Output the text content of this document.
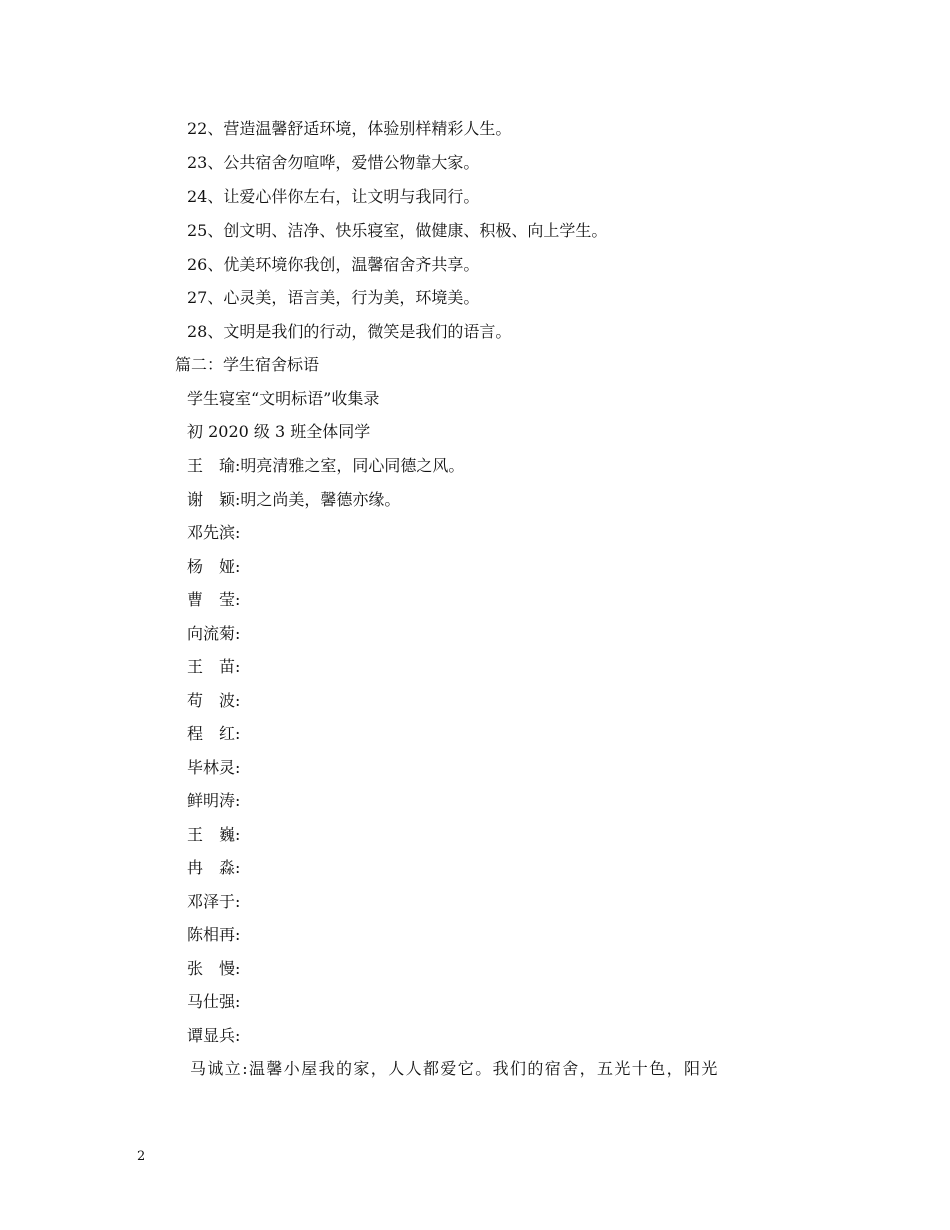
22、营造温馨舒适环境，体验别样精彩人生。
23、公共宿舍勿喧哗，爱惜公物靠大家。
24、让爱心伴你左右，让文明与我同行。
25、创文明、洁净、快乐寝室，做健康、积极、向上学生。
26、优美环境你我创，温馨宿舍齐共享。
27、心灵美，语言美，行为美，环境美。
28、文明是我们的行动，微笑是我们的语言。
篇二：学生宿舍标语
学生寝室“文明标语”收集录
初 2020 级 3 班全体同学
王　瑜:明亮清雅之室，同心同德之风。
谢　颖:明之尚美，馨德亦缘。
邓先滨:
杨　娅:
曹　莹:
向流菊:
王　苗:
苟　波:
程　红:
毕林灵:
鲜明涛:
王　巍:
冉　淼:
邓泽于:
陈相再:
张　慢:
马仕强:
谭显兵:
马诚立:温馨小屋我的家，人人都爱它。我们的宿舍，五光十色，阳光
2
